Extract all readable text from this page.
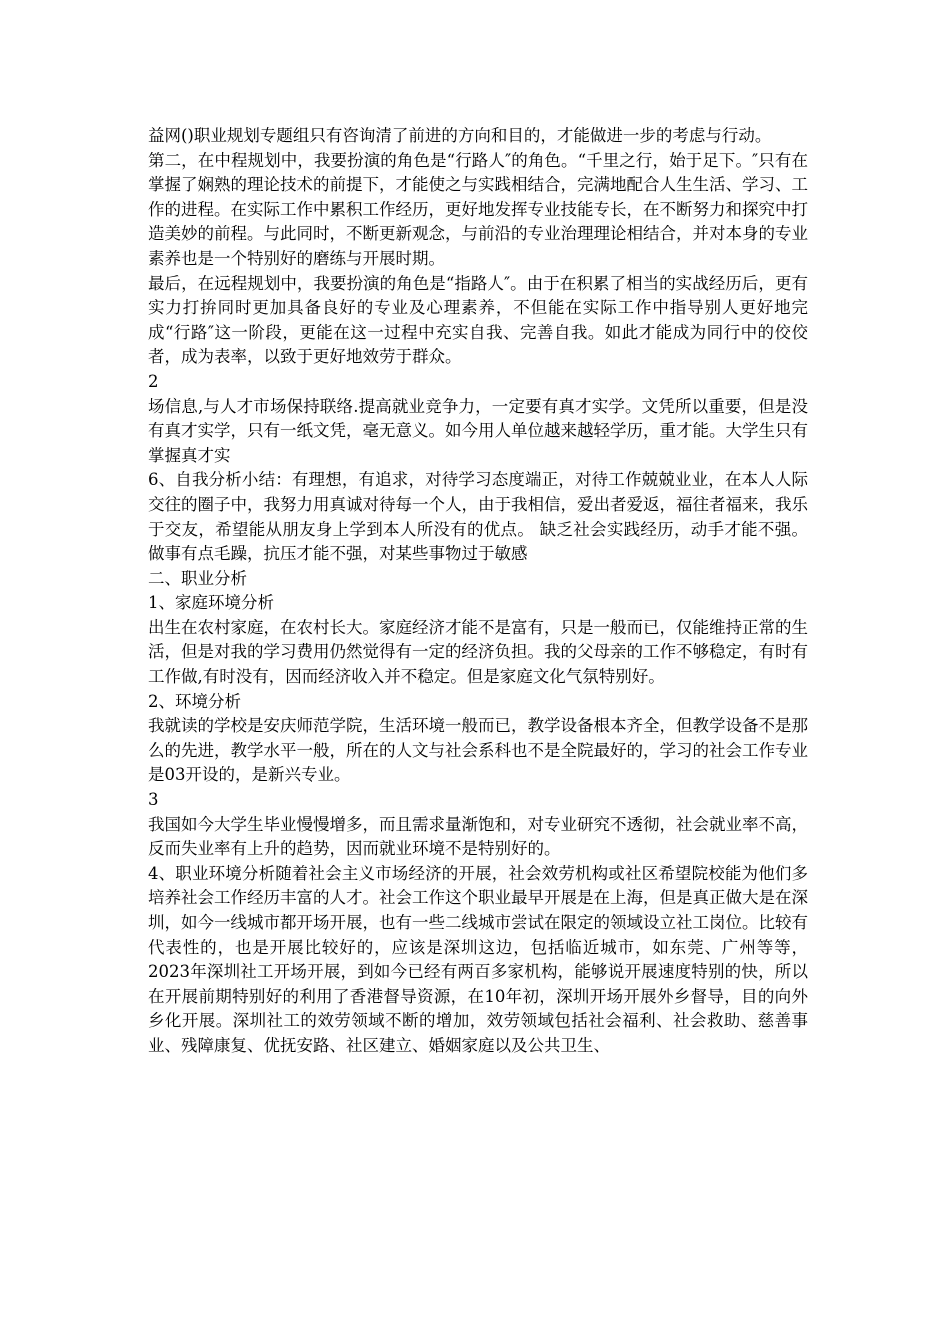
益网()职业规划专题组只有咨询清了前进的方向和目的，才能做进一步的考虑与行动。

第二，在中程规划中，我要扮演的角色是“行路人″的角色。“千里之行，始于足下。″只有在掌握了娴熟的理论技术的前提下，才能使之与实践相结合，完满地配合人生生活、学习、工作的进程。在实际工作中累积工作经历，更好地发挥专业技能专长，在不断努力和探究中打造美妙的前程。与此同时，不断更新观念，与前沿的专业治理理论相结合，并对本身的专业素养也是一个特别好的磨练与开展时期。

最后，在远程规划中，我要扮演的角色是“指路人″。由于在积累了相当的实战经历后，更有实力打拚同时更加具备良好的专业及心理素养，不但能在实际工作中指导别人更好地完成“行路″这一阶段，更能在这一过程中充实自我、完善自我。如此才能成为同行中的佼佼者，成为表率，以致于更好地效劳于群众。

2

场信息,与人才市场保持联络.提高就业竞争力，一定要有真才实学。文凭所以重要，但是没有真才实学，只有一纸文凭，毫无意义。如今用人单位越来越轻学历，重才能。大学生只有掌握真才实

6、自我分析小结：有理想，有追求，对待学习态度端正，对待工作兢兢业业，在本人人际交往的圈子中，我努力用真诚对待每一个人，由于我相信，爱出者爱返，福往者福来，我乐于交友，希望能从朋友身上学到本人所没有的优点。 缺乏社会实践经历，动手才能不强。做事有点毛躁，抗压才能不强，对某些事物过于敏感

二、职业分析

1、家庭环境分析

出生在农村家庭，在农村长大。家庭经济才能不是富有，只是一般而已，仅能维持正常的生活，但是对我的学习费用仍然觉得有一定的经济负担。我的父母亲的工作不够稳定，有时有工作做,有时没有，因而经济收入并不稳定。但是家庭文化气氛特别好。

2、环境分析

我就读的学校是安庆师范学院，生活环境一般而已，教学设备根本齐全，但教学设备不是那么的先进，教学水平一般，所在的人文与社会系科也不是全院最好的，学习的社会工作专业是03开设的，是新兴专业。

3

我国如今大学生毕业慢慢增多，而且需求量渐饱和，对专业研究不透彻，社会就业率不高，反而失业率有上升的趋势，因而就业环境不是特别好的。

4、职业环境分析随着社会主义市场经济的开展，社会效劳机构或社区希望院校能为他们多培养社会工作经历丰富的人才。社会工作这个职业最早开展是在上海，但是真正做大是在深圳，如今一线城市都开场开展，也有一些二线城市尝试在限定的领域设立社工岗位。比较有代表性的，也是开展比较好的，应该是深圳这边，包括临近城市，如东莞、广州等等，2023年深圳社工开场开展，到如今已经有两百多家机构，能够说开展速度特别的快，所以在开展前期特别好的利用了香港督导资源，在10年初，深圳开场开展外乡督导，目的向外乡化开展。深圳社工的效劳领域不断的增加，效劳领域包括社会福利、社会救助、慈善事业、残障康复、优抚安路、社区建立、婚姻家庭以及公共卫生、
